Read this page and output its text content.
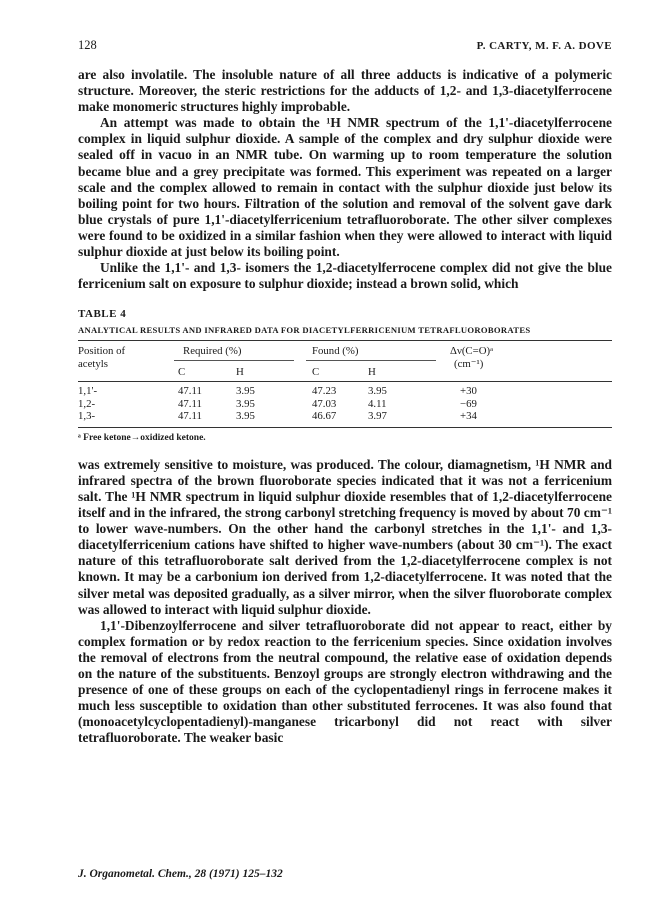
128	P. CARTY, M. F. A. DOVE

are also involatile. The insoluble nature of all three adducts is indicative of a polymeric structure. Moreover, the steric restrictions for the adducts of 1,2- and 1,3-diacetylferrocene make monomeric structures highly improbable.

An attempt was made to obtain the ¹H NMR spectrum of the 1,1'-diacetylferrocene complex in liquid sulphur dioxide. A sample of the complex and dry sulphur dioxide were sealed off in vacuo in an NMR tube. On warming up to room temperature the solution became blue and a grey precipitate was formed. This experiment was repeated on a larger scale and the complex allowed to remain in contact with the sulphur dioxide just below its boiling point for two hours. Filtration of the solution and removal of the solvent gave dark blue crystals of pure 1,1'-diacetylferricenium tetrafluoroborate. The other silver complexes were found to be oxidized in a similar fashion when they were allowed to interact with liquid sulphur dioxide at just below its boiling point.

Unlike the 1,1'- and 1,3- isomers the 1,2-diacetylferrocene complex did not give the blue ferricenium salt on exposure to sulphur dioxide; instead a brown solid, which

TABLE 4
ANALYTICAL RESULTS AND INFRARED DATA FOR DIACETYLFERRICENIUM TETRAFLUOROBORATES
Position of
acetyls
Required (%)	Found (%)	Δν(C=O)ᵃ
(cm⁻¹)
C	H	C	H
1,1'-	47.11	3.95	47.23	3.95	+30
1,2-	47.11	3.95	47.03	4.11	−69
1,3-	47.11	3.95	46.67	3.97	+34
ᵃ Free ketone→oxidized ketone.

was extremely sensitive to moisture, was produced. The colour, diamagnetism, ¹H NMR and infrared spectra of the brown fluoroborate species indicated that it was not a ferricenium salt. The ¹H NMR spectrum in liquid sulphur dioxide resembles that of 1,2-diacetylferrocene itself and in the infrared, the strong carbonyl stretching frequency is moved by about 70 cm⁻¹ to lower wave-numbers. On the other hand the carbonyl stretches in the 1,1'- and 1,3-diacetylferricenium cations have shifted to higher wave-numbers (about 30 cm⁻¹). The exact nature of this tetrafluoroborate salt derived from the 1,2-diacetylferrocene complex is not known. It may be a carbonium ion derived from 1,2-diacetylferrocene. It was noted that the silver metal was deposited gradually, as a silver mirror, when the silver fluoroborate complex was allowed to interact with liquid sulphur dioxide.

1,1'-Dibenzoylferrocene and silver tetrafluoroborate did not appear to react, either by complex formation or by redox reaction to the ferricenium species. Since oxidation involves the removal of electrons from the neutral compound, the relative ease of oxidation depends on the nature of the substituents. Benzoyl groups are strongly electron withdrawing and the presence of one of these groups on each of the cyclopentadienyl rings in ferrocene makes it much less susceptible to oxidation than other substituted ferrocenes. It was also found that (monoacetylcyclopentadienyl)-manganese tricarbonyl did not react with silver tetrafluoroborate. The weaker basic

J. Organometal. Chem., 28 (1971) 125–132
